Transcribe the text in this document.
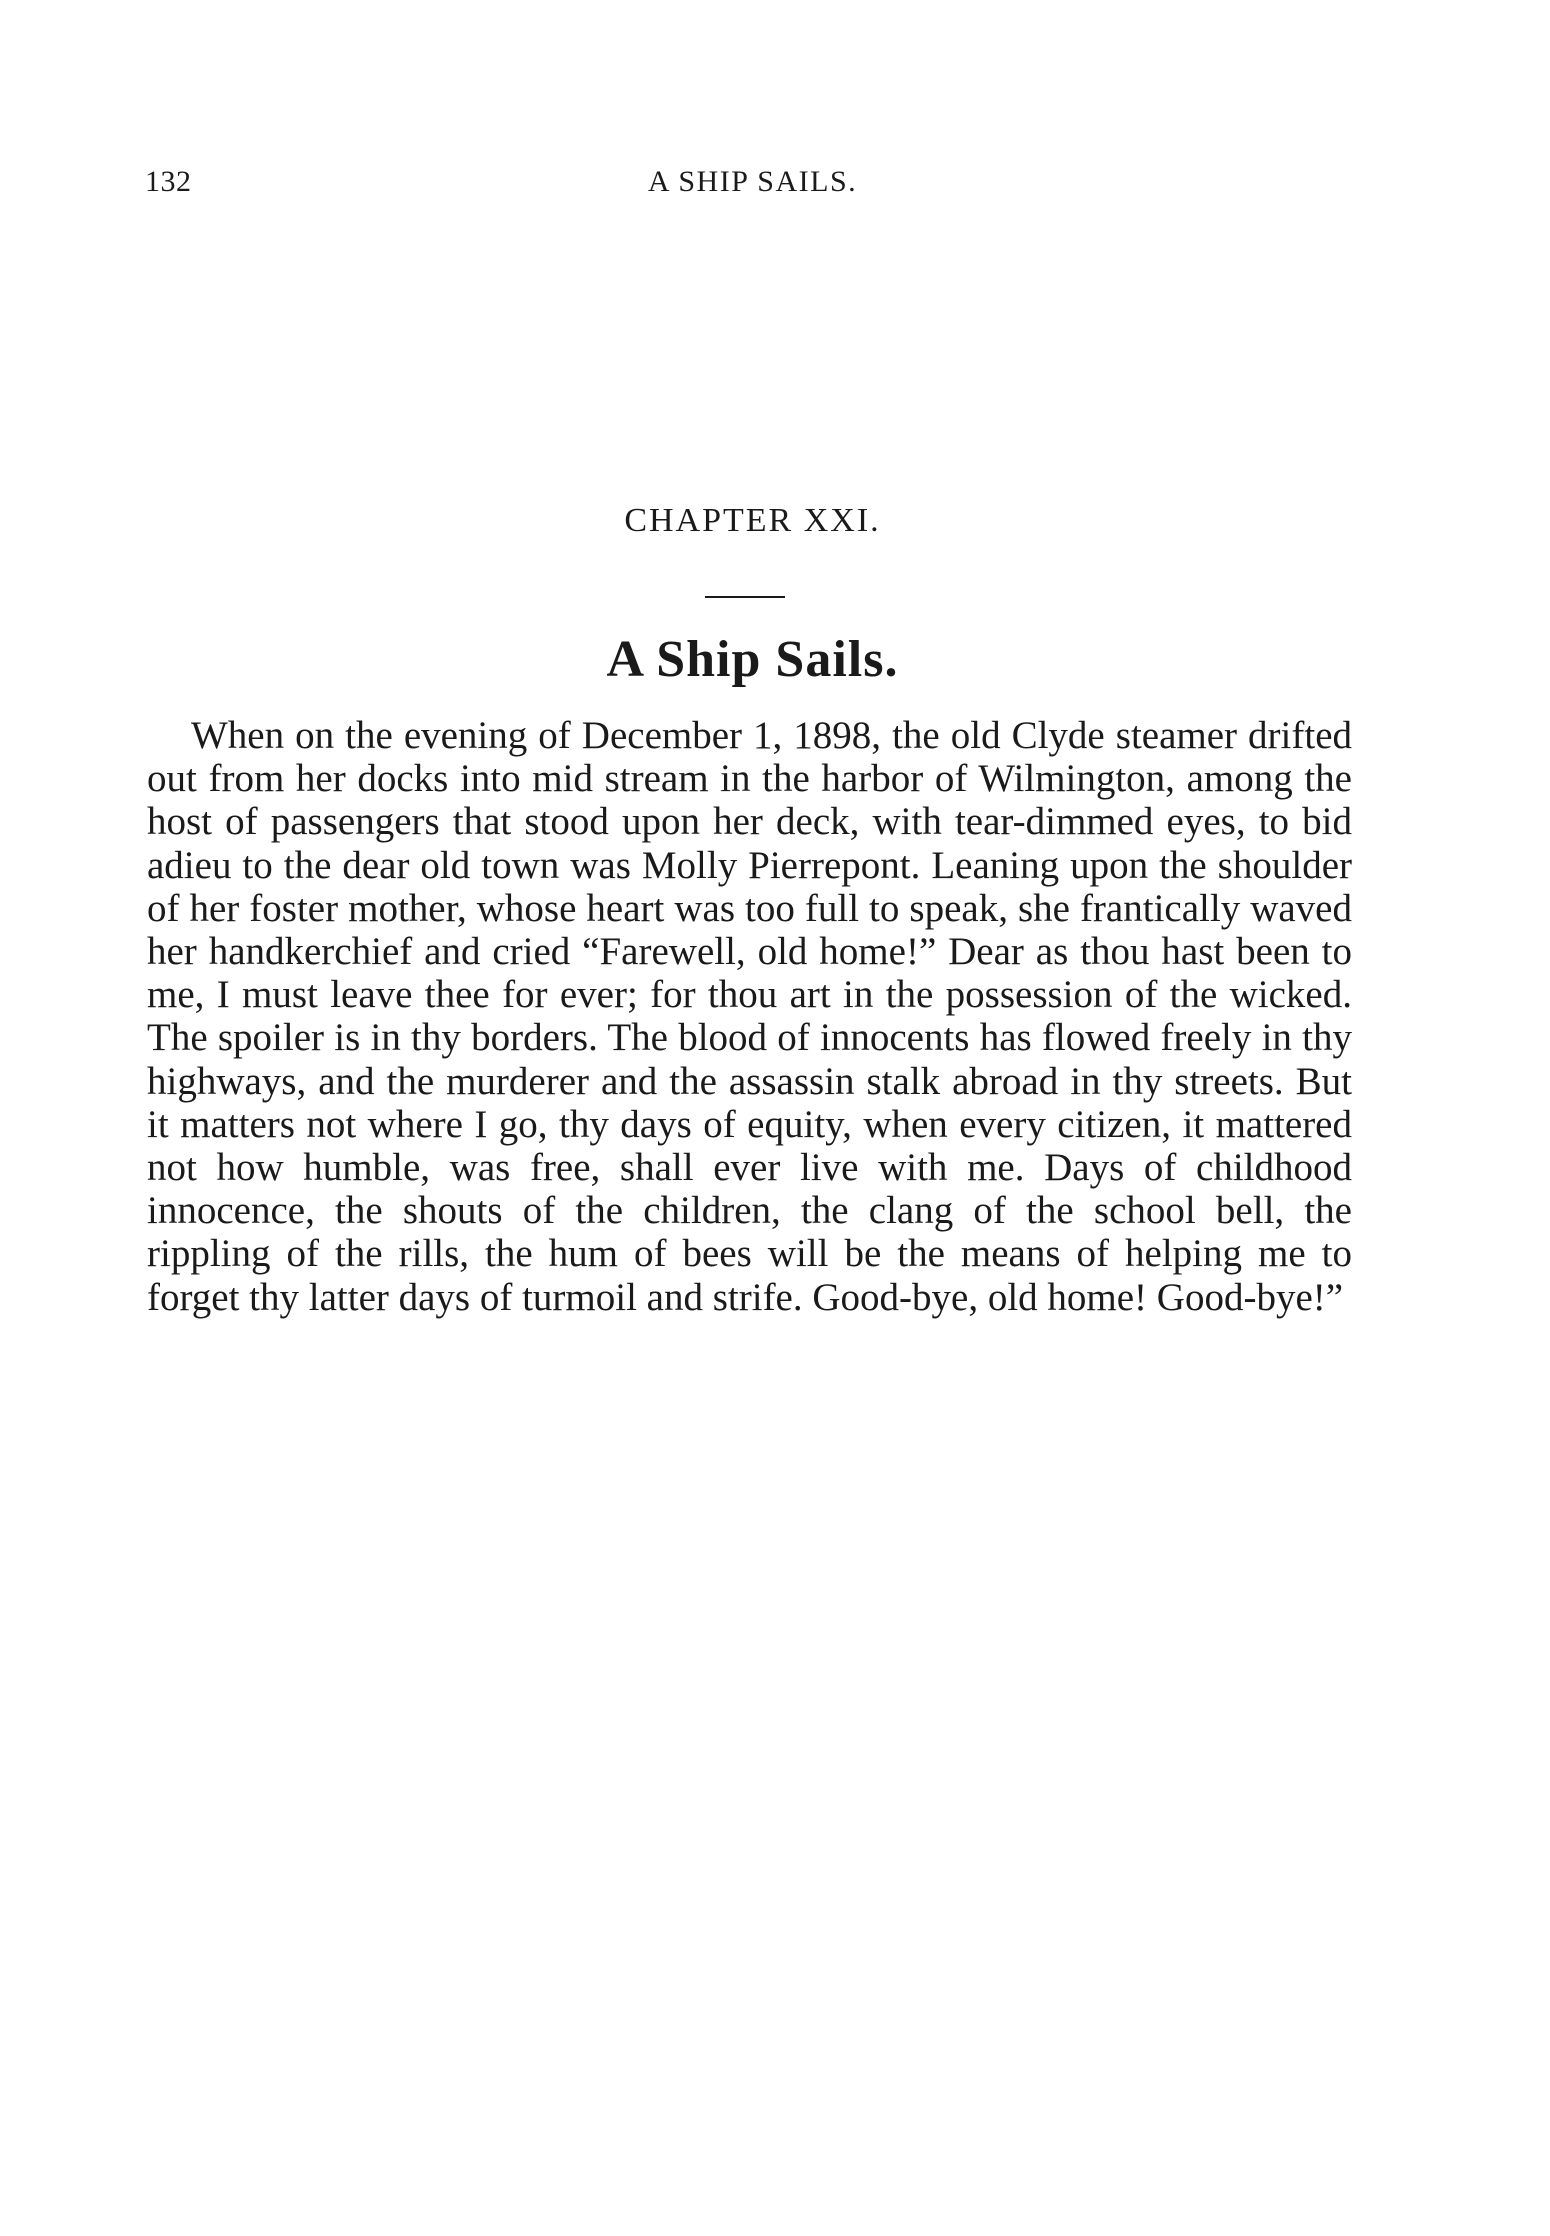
132	A SHIP SAILS.
CHAPTER XXI.
A Ship Sails.

When on the evening of December 1, 1898, the old Clyde steamer drifted out from her docks into mid stream in the harbor of Wilmington, among the host of passengers that stood upon her deck, with tear-dimmed eyes, to bid adieu to the dear old town was Molly Pierrepont. Leaning upon the shoulder of her foster mother, whose heart was too full to speak, she frantically waved her handkerchief and cried “Farewell, old home!” Dear as thou hast been to me, I must leave thee for ever; for thou art in the possession of the wicked. The spoiler is in thy borders. The blood of innocents has flowed freely in thy highways, and the murderer and the assassin stalk abroad in thy streets. But it matters not where I go, thy days of equity, when every citizen, it mattered not how humble, was free, shall ever live with me. Days of childhood innocence, the shouts of the children, the clang of the school bell, the rippling of the rills, the hum of bees will be the means of helping me to forget thy latter days of turmoil and strife. Good-bye, old home! Good-bye!”
